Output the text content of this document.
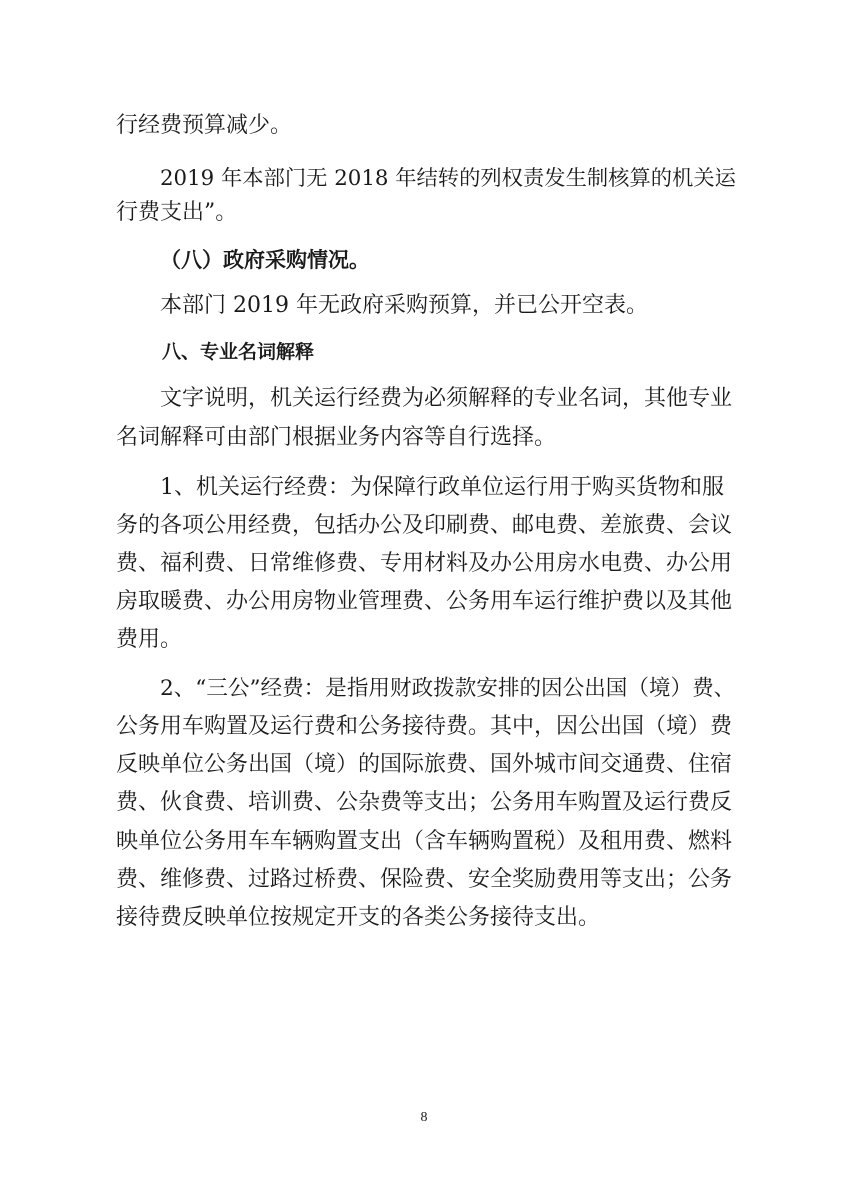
行经费预算减少。
2019 年本部门无 2018 年结转的列权责发生制核算的机关运
行费支出”。
（八）政府采购情况。
本部门 2019 年无政府采购预算，并已公开空表。
八、专业名词解释
文字说明，机关运行经费为必须解释的专业名词，其他专业
名词解释可由部门根据业务内容等自行选择。
1、机关运行经费：为保障行政单位运行用于购买货物和服
务的各项公用经费，包括办公及印刷费、邮电费、差旅费、会议
费、福利费、日常维修费、专用材料及办公用房水电费、办公用
房取暖费、办公用房物业管理费、公务用车运行维护费以及其他
费用。
2、“三公”经费：是指用财政拨款安排的因公出国（境）费、
公务用车购置及运行费和公务接待费。其中，因公出国（境）费
反映单位公务出国（境）的国际旅费、国外城市间交通费、住宿
费、伙食费、培训费、公杂费等支出；公务用车购置及运行费反
映单位公务用车车辆购置支出（含车辆购置税）及租用费、燃料
费、维修费、过路过桥费、保险费、安全奖励费用等支出；公务
接待费反映单位按规定开支的各类公务接待支出。
8
